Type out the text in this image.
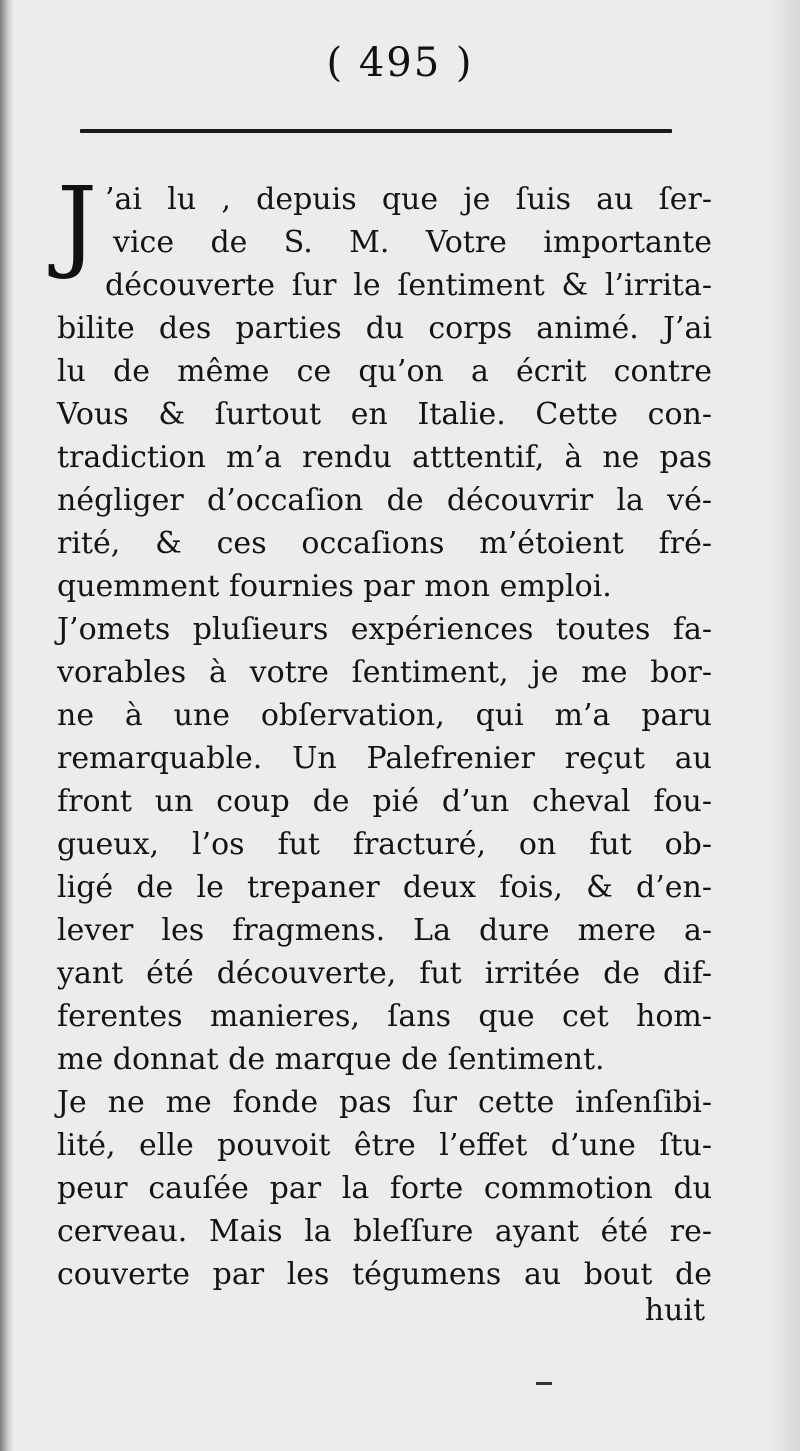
( 495 )
J ’ai lu , depuis que je ſuis au ſer-
vice de S. M. Votre importante
découverte ſur le ſentiment & l’irrita-
bilite des parties du corps animé. J’ai
lu de même ce qu’on a écrit contre
Vous & ſurtout en Italie. Cette con-
tradiction m’a rendu atttentif, à ne pas
négliger d’occaſion de découvrir la vé-
rité, & ces occaſions m’étoient fré-
quemment fournies par mon emploi.
J’omets pluſieurs expériences toutes fa-
vorables à votre ſentiment, je me bor-
ne à une obſervation, qui m’a paru
remarquable. Un Palefrenier reçut au
front un coup de pié d’un cheval fou-
gueux, l’os fut fracturé, on fut ob-
ligé de le trepaner deux fois, & d’en-
lever les fragmens. La dure mere a-
yant été découverte, fut irritée de dif-
ferentes manieres, ſans que cet hom-
me donnat de marque de ſentiment.
Je ne me fonde pas ſur cette inſenſibi-
lité, elle pouvoit être l’effet d’une ſtu-
peur cauſée par la forte commotion du
cerveau. Mais la bleſſure ayant été re-
couverte par les tégumens au bout de
huit
